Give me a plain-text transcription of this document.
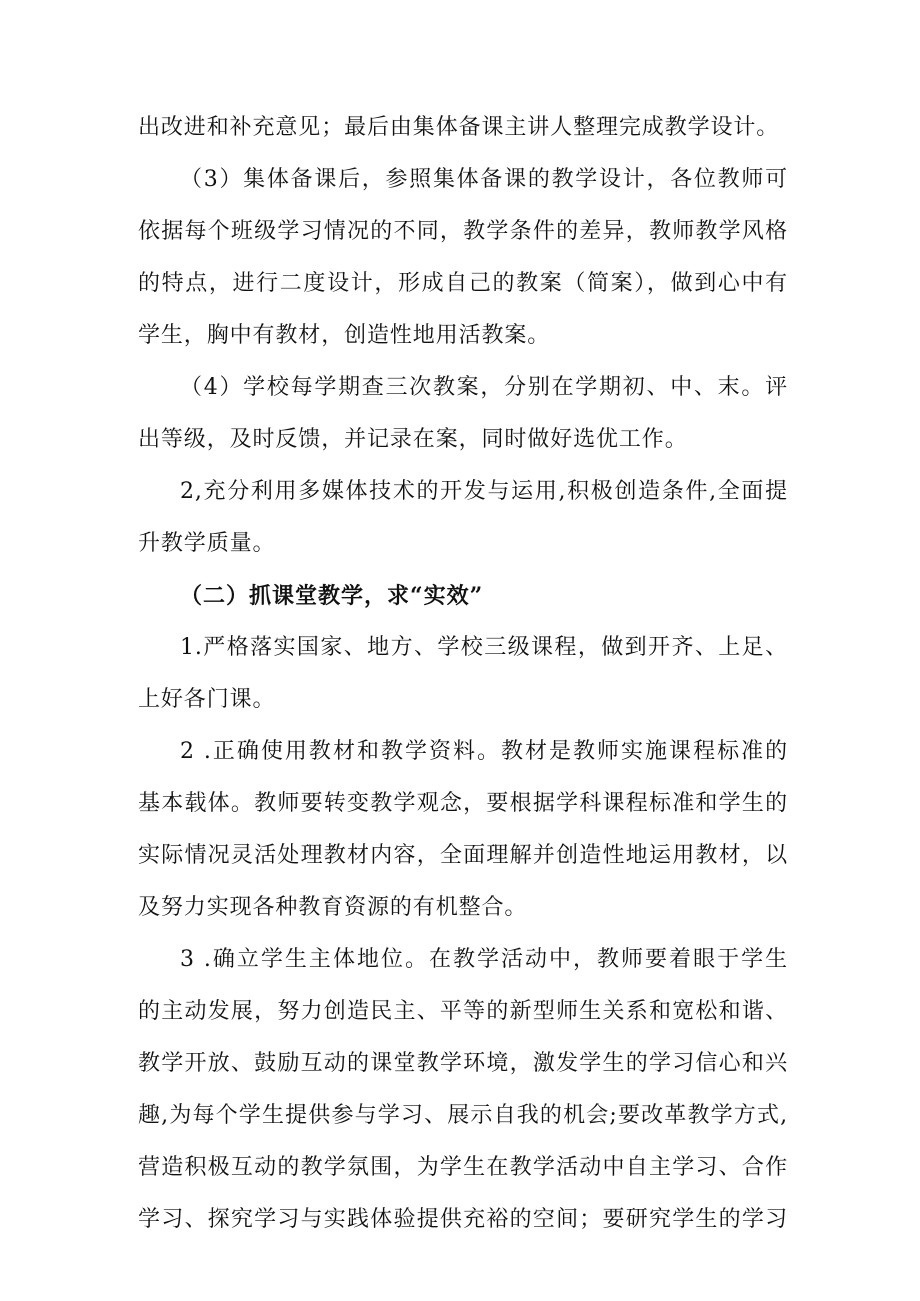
出改进和补充意见；最后由集体备课主讲人整理完成教学设计。
（3）集体备课后，参照集体备课的教学设计，各位教师可
依据每个班级学习情况的不同，教学条件的差异，教师教学风格
的特点，进行二度设计，形成自己的教案（简案），做到心中有
学生，胸中有教材，创造性地用活教案。
（4）学校每学期查三次教案，分别在学期初、中、末。评
出等级，及时反馈，并记录在案，同时做好选优工作。
2,充分利用多媒体技术的开发与运用,积极创造条件,全面提
升教学质量。
（二）抓课堂教学，求“实效”
1.严格落实国家、地方、学校三级课程，做到开齐、上足、
上好各门课。
2 .正确使用教材和教学资料。教材是教师实施课程标准的
基本载体。教师要转变教学观念，要根据学科课程标准和学生的
实际情况灵活处理教材内容，全面理解并创造性地运用教材，以
及努力实现各种教育资源的有机整合。
3 .确立学生主体地位。在教学活动中，教师要着眼于学生
的主动发展，努力创造民主、平等的新型师生关系和宽松和谐、
教学开放、鼓励互动的课堂教学环境，激发学生的学习信心和兴
趣,为每个学生提供参与学习、展示自我的机会;要改革教学方式,
营造积极互动的教学氛围，为学生在教学活动中自主学习、合作
学习、探究学习与实践体验提供充裕的空间；要研究学生的学习
